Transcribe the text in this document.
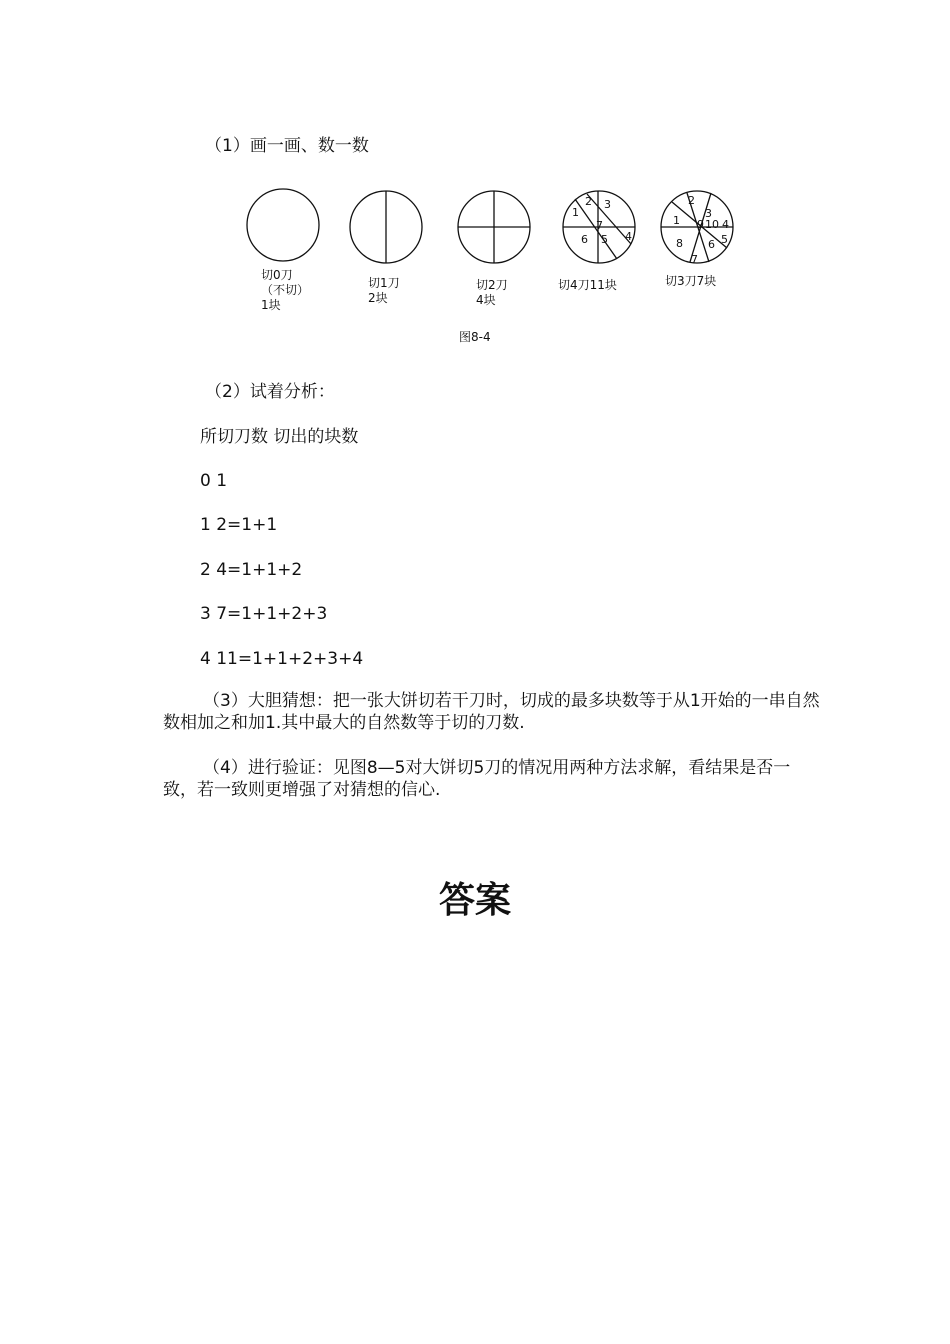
（1）画一画、数一数
1
2 3
6 5 4
7	1
2
3
9 10 4
5
8 6
7
切0刀
（不切）
1块
切1刀
2块
切2刀
4块
切4刀11块	切3刀7块
图8-4
（2）试着分析：
所切刀数 切出的块数
0 1
1 2=1+1
2 4=1+1+2
3 7=1+1+2+3
4 11=1+1+2+3+4
（3）大胆猜想：把一张大饼切若干刀时，切成的最多块数等于从1开始的一串自然数相加之和加1.其中最大的自然数等于切的刀数.
（4）进行验证：见图8—5对大饼切5刀的情况用两种方法求解，看结果是否一致，若一致则更增强了对猜想的信心.
答案
